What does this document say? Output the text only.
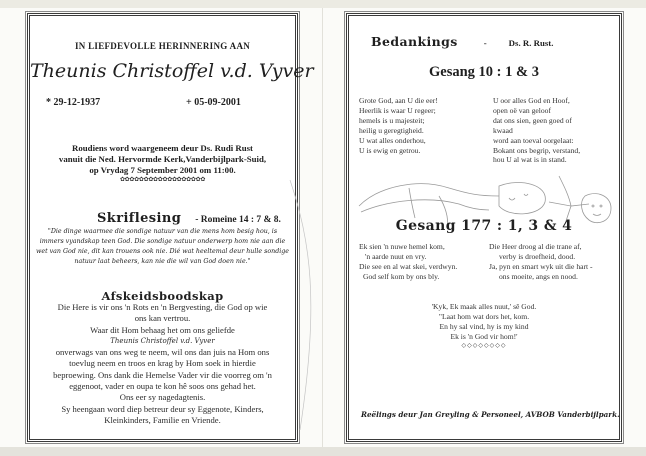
IN LIEFDEVOLLE HERINNERING AAN
Theunis Christoffel v.d. Vyver
* 29-12-1937	+ 05-09-2001
Roudiens word waargeneem deur Ds. Rudi Rust
vanuit die Ned. Hervormde Kerk,Vanderbijlpark-Suid,
op Vrydag 7 September 2001 om 11:00.
✿✿✿✿✿✿✿✿✿✿✿✿✿✿✿✿✿✿
Skriflesing - Romeine 14 : 7 & 8.
"Die dinge waarmee die sondige natuur van die mens hom besig hou, is
immers vyandskap teen God. Die sondige natuur onderwerp hom nie aan die
wet van God nie, dit kan trouens ook nie. Dié wat heeltemal deur hulle sondige
natuur laat beheers, kan nie die wil van God doen nie."
Afskeidsboodskap
Die Here is vir ons 'n Rots en 'n Bergvesting, die God op wie
ons kan vertrou.
Waar dit Hom behaag het om ons geliefde
Theunis Christoffel v.d. Vyver
onverwags van ons weg te neem, wil ons dan juis na Hom ons
toevlug neem en troos en krag by Hom soek in hierdie
beproewing. Ons dank die Hemelse Vader vir die voorreg om 'n
eggenoot, vader en oupa te kon hê soos ons gehad het.
Ons eer sy nagedagtenis.
Sy heengaan word diep betreur deur sy Eggenote, Kinders,
Kleinkinders, Familie en Vriende.
Bedankings	-	Ds. R. Rust.
Gesang 10 : 1 & 3
Grote God, aan U die eer!
Heerlik is waar U regeer;
hemels is u majesteit;
heilig u geregtigheid.
U wat alles onderhou,
U is ewig en getrou.
U oor alles God en Hoof,
open oë van geloof
dat ons sien, geen goed of
kwaad
word aan toeval oorgelaat:
Bokant ons begrip, verstand,
hou U al wat is in stand.
Gesang 177 : 1, 3 & 4
Ek sien 'n nuwe hemel kom,
'n aarde nuut en vry.
Die see en al wat skei, verdwyn.
God self kom by ons bly.
Die Heer droog al die trane af,
verby is droefheid, dood.
Ja, pyn en smart wyk uit die hart -
ons moeite, angs en nood.
'Kyk, Ek maak alles nuut,' sê God.
"Laat hom wat dors het, kom.
En hy sal vind, hy is my kind
Ek is 'n God vir hom!'
◇◇◇◇◇◇◇◇
Reëlings deur Jan Greyling & Personeel, AVBOB Vanderbijlpark.
